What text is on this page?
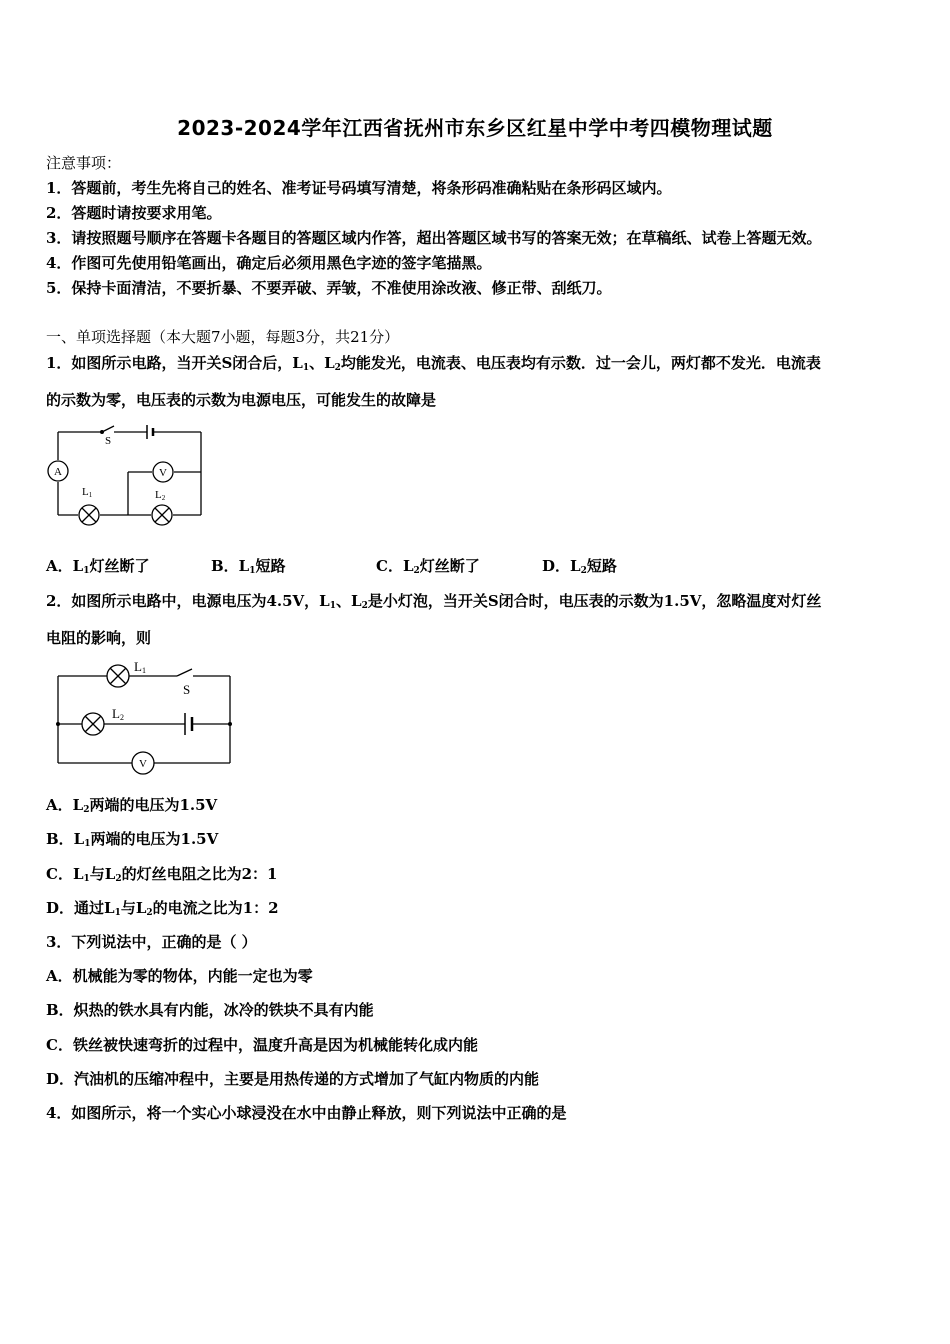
2023-2024学年江西省抚州市东乡区红星中学中考四模物理试题
注意事项：
1．答题前，考生先将自己的姓名、准考证号码填写清楚，将条形码准确粘贴在条形码区域内。
2．答题时请按要求用笔。
3．请按照题号顺序在答题卡各题目的答题区域内作答，超出答题区域书写的答案无效；在草稿纸、试卷上答题无效。
4．作图可先使用铅笔画出，确定后必须用黑色字迹的签字笔描黑。
5．保持卡面清洁，不要折暴、不要弄破、弄皱，不准使用涂改液、修正带、刮纸刀。
一、单项选择题（本大题7小题，每题3分，共21分）
1．如图所示电路，当开关S闭合后，$L_1$、$L_2$均能发光，电流表、电压表均有示数．过一会儿，两灯都不发光．电流表
的示数为零，电压表的示数为电源电压，可能发生的故障是
S
A	V
L1	L2
A．$L_1$灯丝断了	B．$L_1$短路	C．$L_2$灯丝断了	D．$L_2$短路
2．如图所示电路中，电源电压为4.5V，$L_1$、$L_2$是小灯泡，当开关S闭合时，电压表的示数为1.5V，忽略温度对灯丝
电阻的影响，则
L1
S
L2
V
A．$L_2$两端的电压为1.5V
B．$L_1$两端的电压为1.5V
C．$L_1$与$L_2$的灯丝电阻之比为2：1
D．通过$L_1$与$L_2$的电流之比为1：2
3．下列说法中，正确的是（ ）
A．机械能为零的物体，内能一定也为零
B．炽热的铁水具有内能，冰冷的铁块不具有内能
C．铁丝被快速弯折的过程中，温度升高是因为机械能转化成内能
D．汽油机的压缩冲程中，主要是用热传递的方式增加了气缸内物质的内能
4．如图所示，将一个实心小球浸没在水中由静止释放，则下列说法中正确的是
